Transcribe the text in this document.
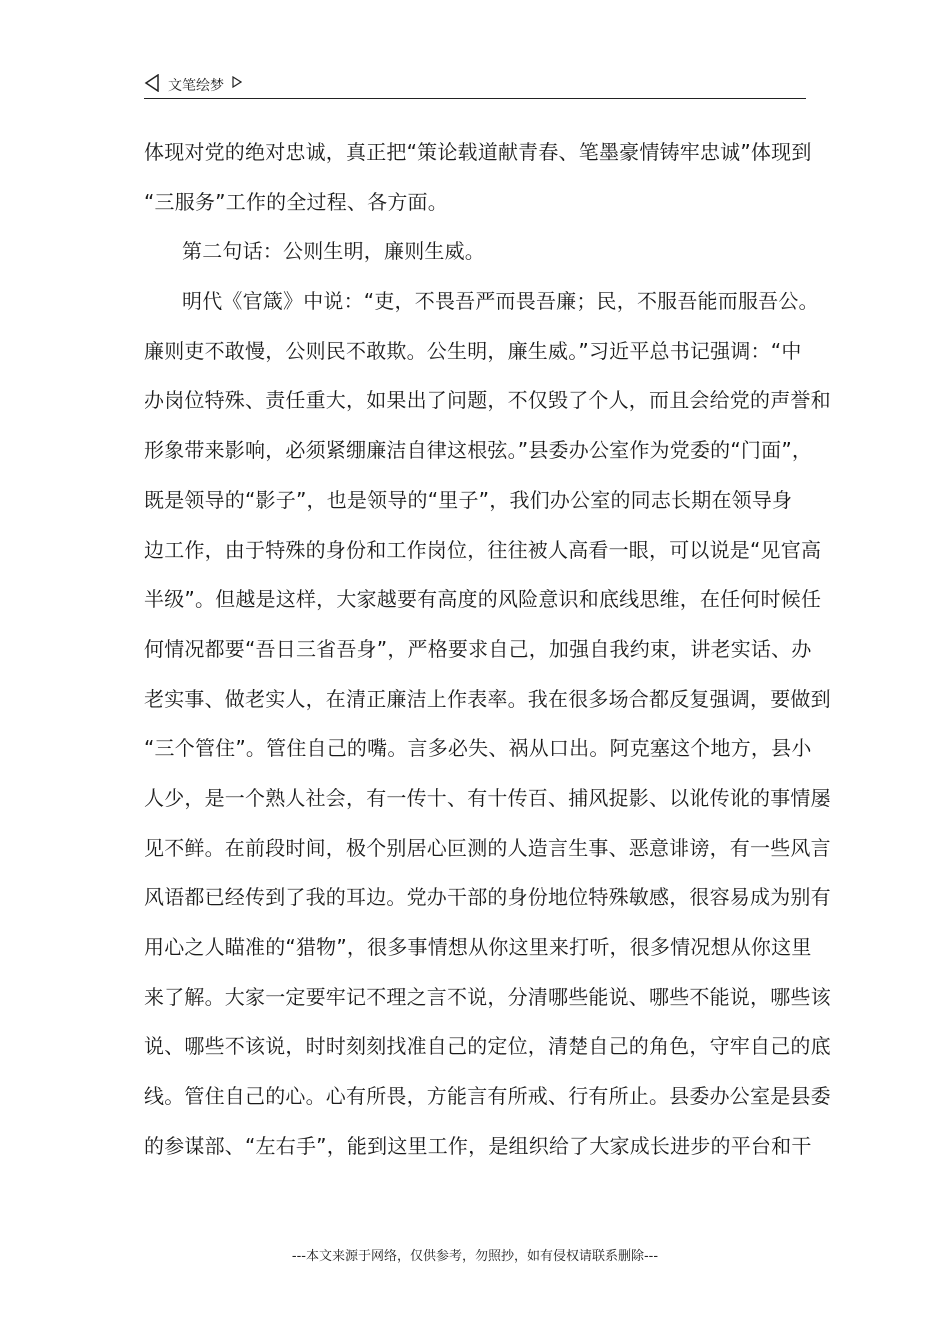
文笔绘梦
体现对党的绝对忠诚，真正把“策论载道献青春、笔墨豪情铸牢忠诚”体现到
“三服务”工作的全过程、各方面。
第二句话：公则生明，廉则生威。
明代《官箴》中说：“吏，不畏吾严而畏吾廉；民，不服吾能而服吾公。
廉则吏不敢慢，公则民不敢欺。公生明，廉生威。”习近平总书记强调：“中
办岗位特殊、责任重大，如果出了问题，不仅毁了个人，而且会给党的声誉和
形象带来影响，必须紧绷廉洁自律这根弦。”县委办公室作为党委的“门面”，
既是领导的“影子”，也是领导的“里子”，我们办公室的同志长期在领导身
边工作，由于特殊的身份和工作岗位，往往被人高看一眼，可以说是“见官高
半级”。但越是这样，大家越要有高度的风险意识和底线思维，在任何时候任
何情况都要“吾日三省吾身”，严格要求自己，加强自我约束，讲老实话、办
老实事、做老实人，在清正廉洁上作表率。我在很多场合都反复强调，要做到
“三个管住”。管住自己的嘴。言多必失、祸从口出。阿克塞这个地方，县小
人少，是一个熟人社会，有一传十、有十传百、捕风捉影、以讹传讹的事情屡
见不鲜。在前段时间，极个别居心叵测的人造言生事、恶意诽谤，有一些风言
风语都已经传到了我的耳边。党办干部的身份地位特殊敏感，很容易成为别有
用心之人瞄准的“猎物”，很多事情想从你这里来打听，很多情况想从你这里
来了解。大家一定要牢记不理之言不说，分清哪些能说、哪些不能说，哪些该
说、哪些不该说，时时刻刻找准自己的定位，清楚自己的角色，守牢自己的底
线。管住自己的心。心有所畏，方能言有所戒、行有所止。县委办公室是县委
的参谋部、“左右手”，能到这里工作，是组织给了大家成长进步的平台和干
---本文来源于网络，仅供参考，勿照抄，如有侵权请联系删除---
